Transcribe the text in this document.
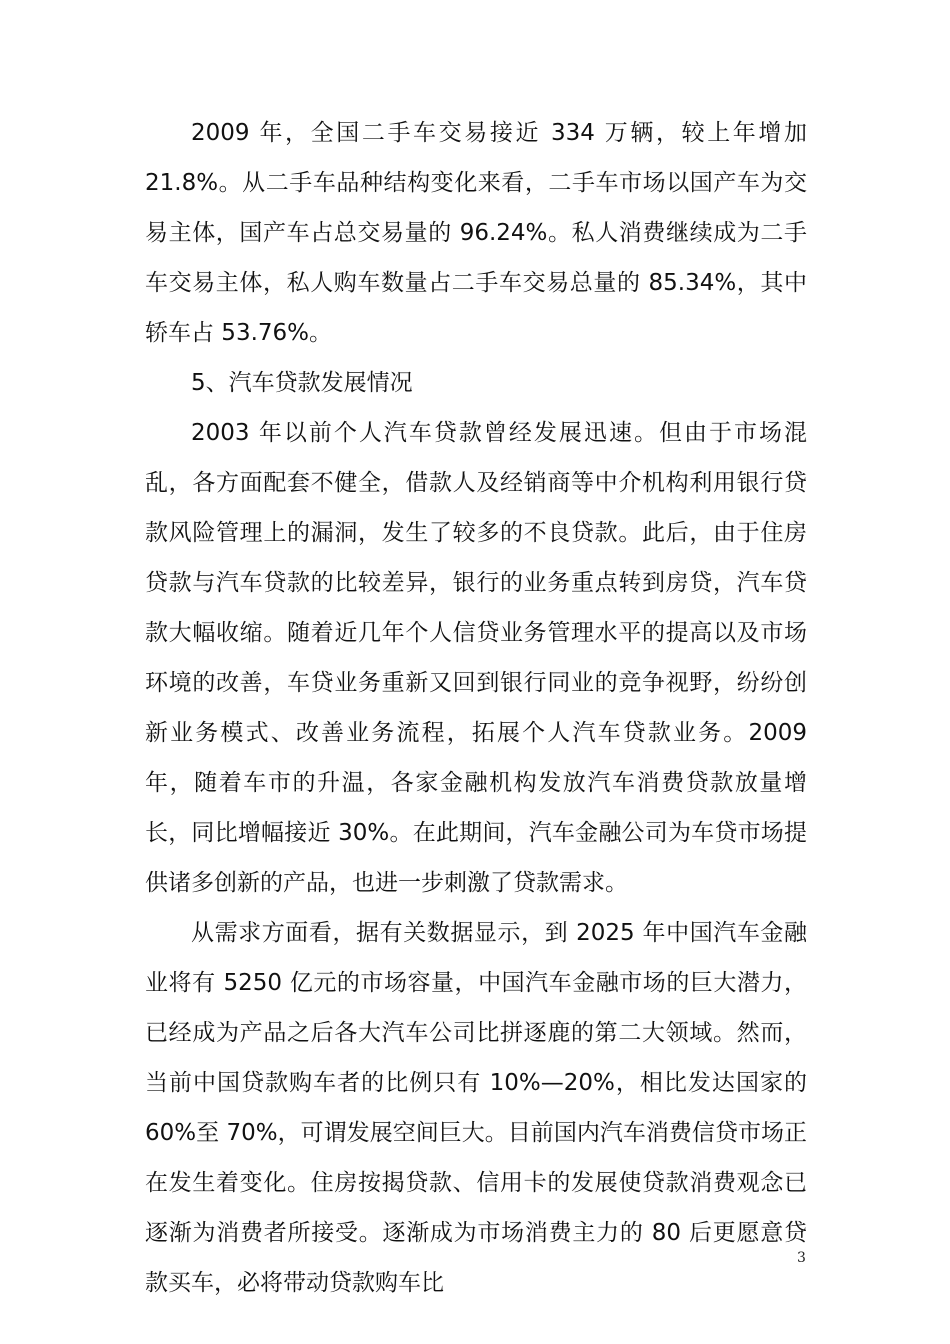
2009 年，全国二手车交易接近 334 万辆，较上年增加 21.8%。从二手车品种结构变化来看，二手车市场以国产车为交易主体，国产车占总交易量的 96.24%。私人消费继续成为二手车交易主体，私人购车数量占二手车交易总量的 85.34%，其中轿车占 53.76%。

5、汽车贷款发展情况

2003 年以前个人汽车贷款曾经发展迅速。但由于市场混乱，各方面配套不健全，借款人及经销商等中介机构利用银行贷款风险管理上的漏洞，发生了较多的不良贷款。此后，由于住房贷款与汽车贷款的比较差异，银行的业务重点转到房贷，汽车贷款大幅收缩。随着近几年个人信贷业务管理水平的提高以及市场环境的改善，车贷业务重新又回到银行同业的竞争视野，纷纷创新业务模式、改善业务流程，拓展个人汽车贷款业务。2009 年，随着车市的升温，各家金融机构发放汽车消费贷款放量增长，同比增幅接近 30%。在此期间，汽车金融公司为车贷市场提供诸多创新的产品，也进一步刺激了贷款需求。

从需求方面看，据有关数据显示，到 2025 年中国汽车金融业将有 5250 亿元的市场容量，中国汽车金融市场的巨大潜力，已经成为产品之后各大汽车公司比拼逐鹿的第二大领域。然而，当前中国贷款购车者的比例只有 10%—20%，相比发达国家的 60%至 70%，可谓发展空间巨大。目前国内汽车消费信贷市场正在发生着变化。住房按揭贷款、信用卡的发展使贷款消费观念已逐渐为消费者所接受。逐渐成为市场消费主力的 80 后更愿意贷款买车，必将带动贷款购车比

3
